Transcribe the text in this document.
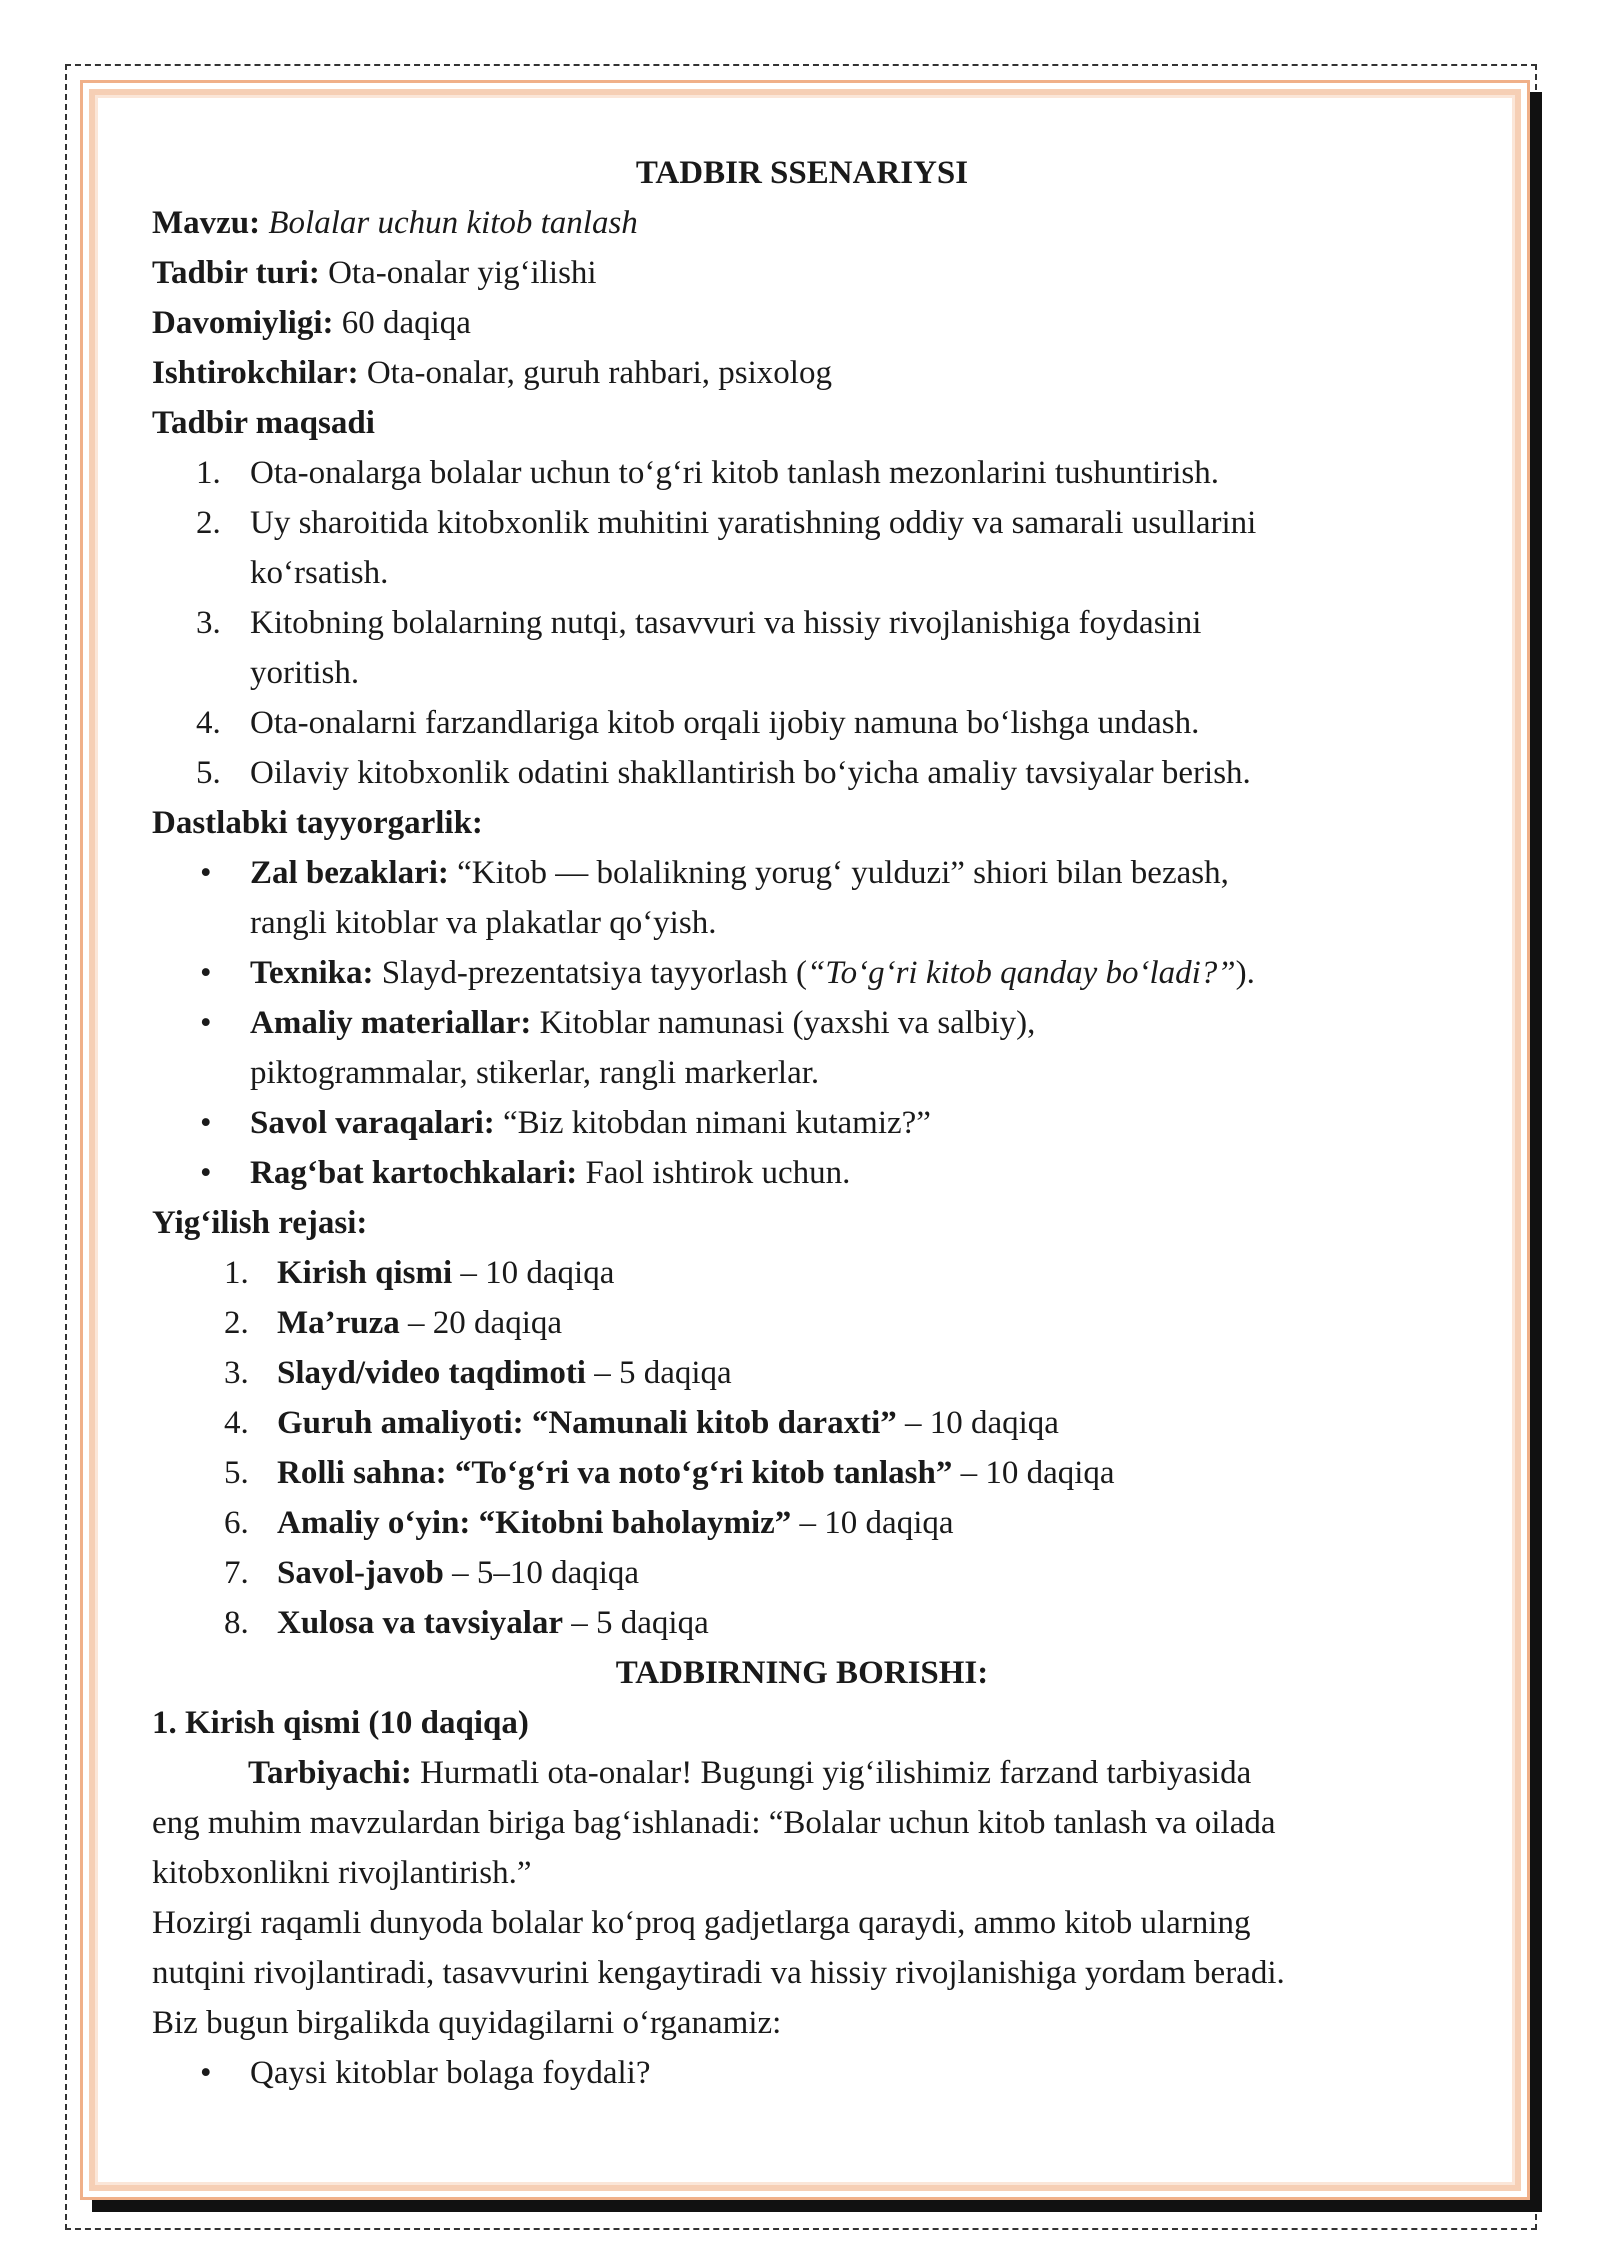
TADBIR SSENARIYSI

Mavzu: Bolalar uchun kitob tanlash

Tadbir turi: Ota-onalar yig‘ilishi

Davomiyligi: 60 daqiqa

Ishtirokchilar: Ota-onalar, guruh rahbari, psixolog

Tadbir maqsadi

1. Ota-onalarga bolalar uchun to‘g‘ri kitob tanlash mezonlarini tushuntirish.
2. Uy sharoitida kitobxonlik muhitini yaratishning oddiy va samarali usullarini
ko‘rsatish.
3. Kitobning bolalarning nutqi, tasavvuri va hissiy rivojlanishiga foydasini
yoritish.
4. Ota-onalarni farzandlariga kitob orqali ijobiy namuna bo‘lishga undash.
5. Oilaviy kitobxonlik odatini shakllantirish bo‘yicha amaliy tavsiyalar berish.

Dastlabki tayyorgarlik:

• Zal bezaklari: “Kitob — bolalikning yorug‘ yulduzi” shiori bilan bezash,
rangli kitoblar va plakatlar qo‘yish.
• Texnika: Slayd-prezentatsiya tayyorlash (“To‘g‘ri kitob qanday bo‘ladi?”).
• Amaliy materiallar: Kitoblar namunasi (yaxshi va salbiy),
piktogrammalar, stikerlar, rangli markerlar.
• Savol varaqalari: “Biz kitobdan nimani kutamiz?”
• Rag‘bat kartochkalari: Faol ishtirok uchun.

Yig‘ilish rejasi:

1. Kirish qismi – 10 daqiqa
2. Ma’ruza – 20 daqiqa
3. Slayd/video taqdimoti – 5 daqiqa
4. Guruh amaliyoti: “Namunali kitob daraxti” – 10 daqiqa
5. Rolli sahna: “To‘g‘ri va noto‘g‘ri kitob tanlash” – 10 daqiqa
6. Amaliy o‘yin: “Kitobni baholaymiz” – 10 daqiqa
7. Savol-javob – 5–10 daqiqa
8. Xulosa va tavsiyalar – 5 daqiqa

TADBIRNING BORISHI:

1. Kirish qismi (10 daqiqa)

Tarbiyachi: Hurmatli ota-onalar! Bugungi yig‘ilishimiz farzand tarbiyasida
eng muhim mavzulardan biriga bag‘ishlanadi: “Bolalar uchun kitob tanlash va oilada
kitobxonlikni rivojlantirish.”

Hozirgi raqamli dunyoda bolalar ko‘proq gadjetlarga qaraydi, ammo kitob ularning
nutqini rivojlantiradi, tasavvurini kengaytiradi va hissiy rivojlanishiga yordam beradi.
Biz bugun birgalikda quyidagilarni o‘rganamiz:

• Qaysi kitoblar bolaga foydali?
